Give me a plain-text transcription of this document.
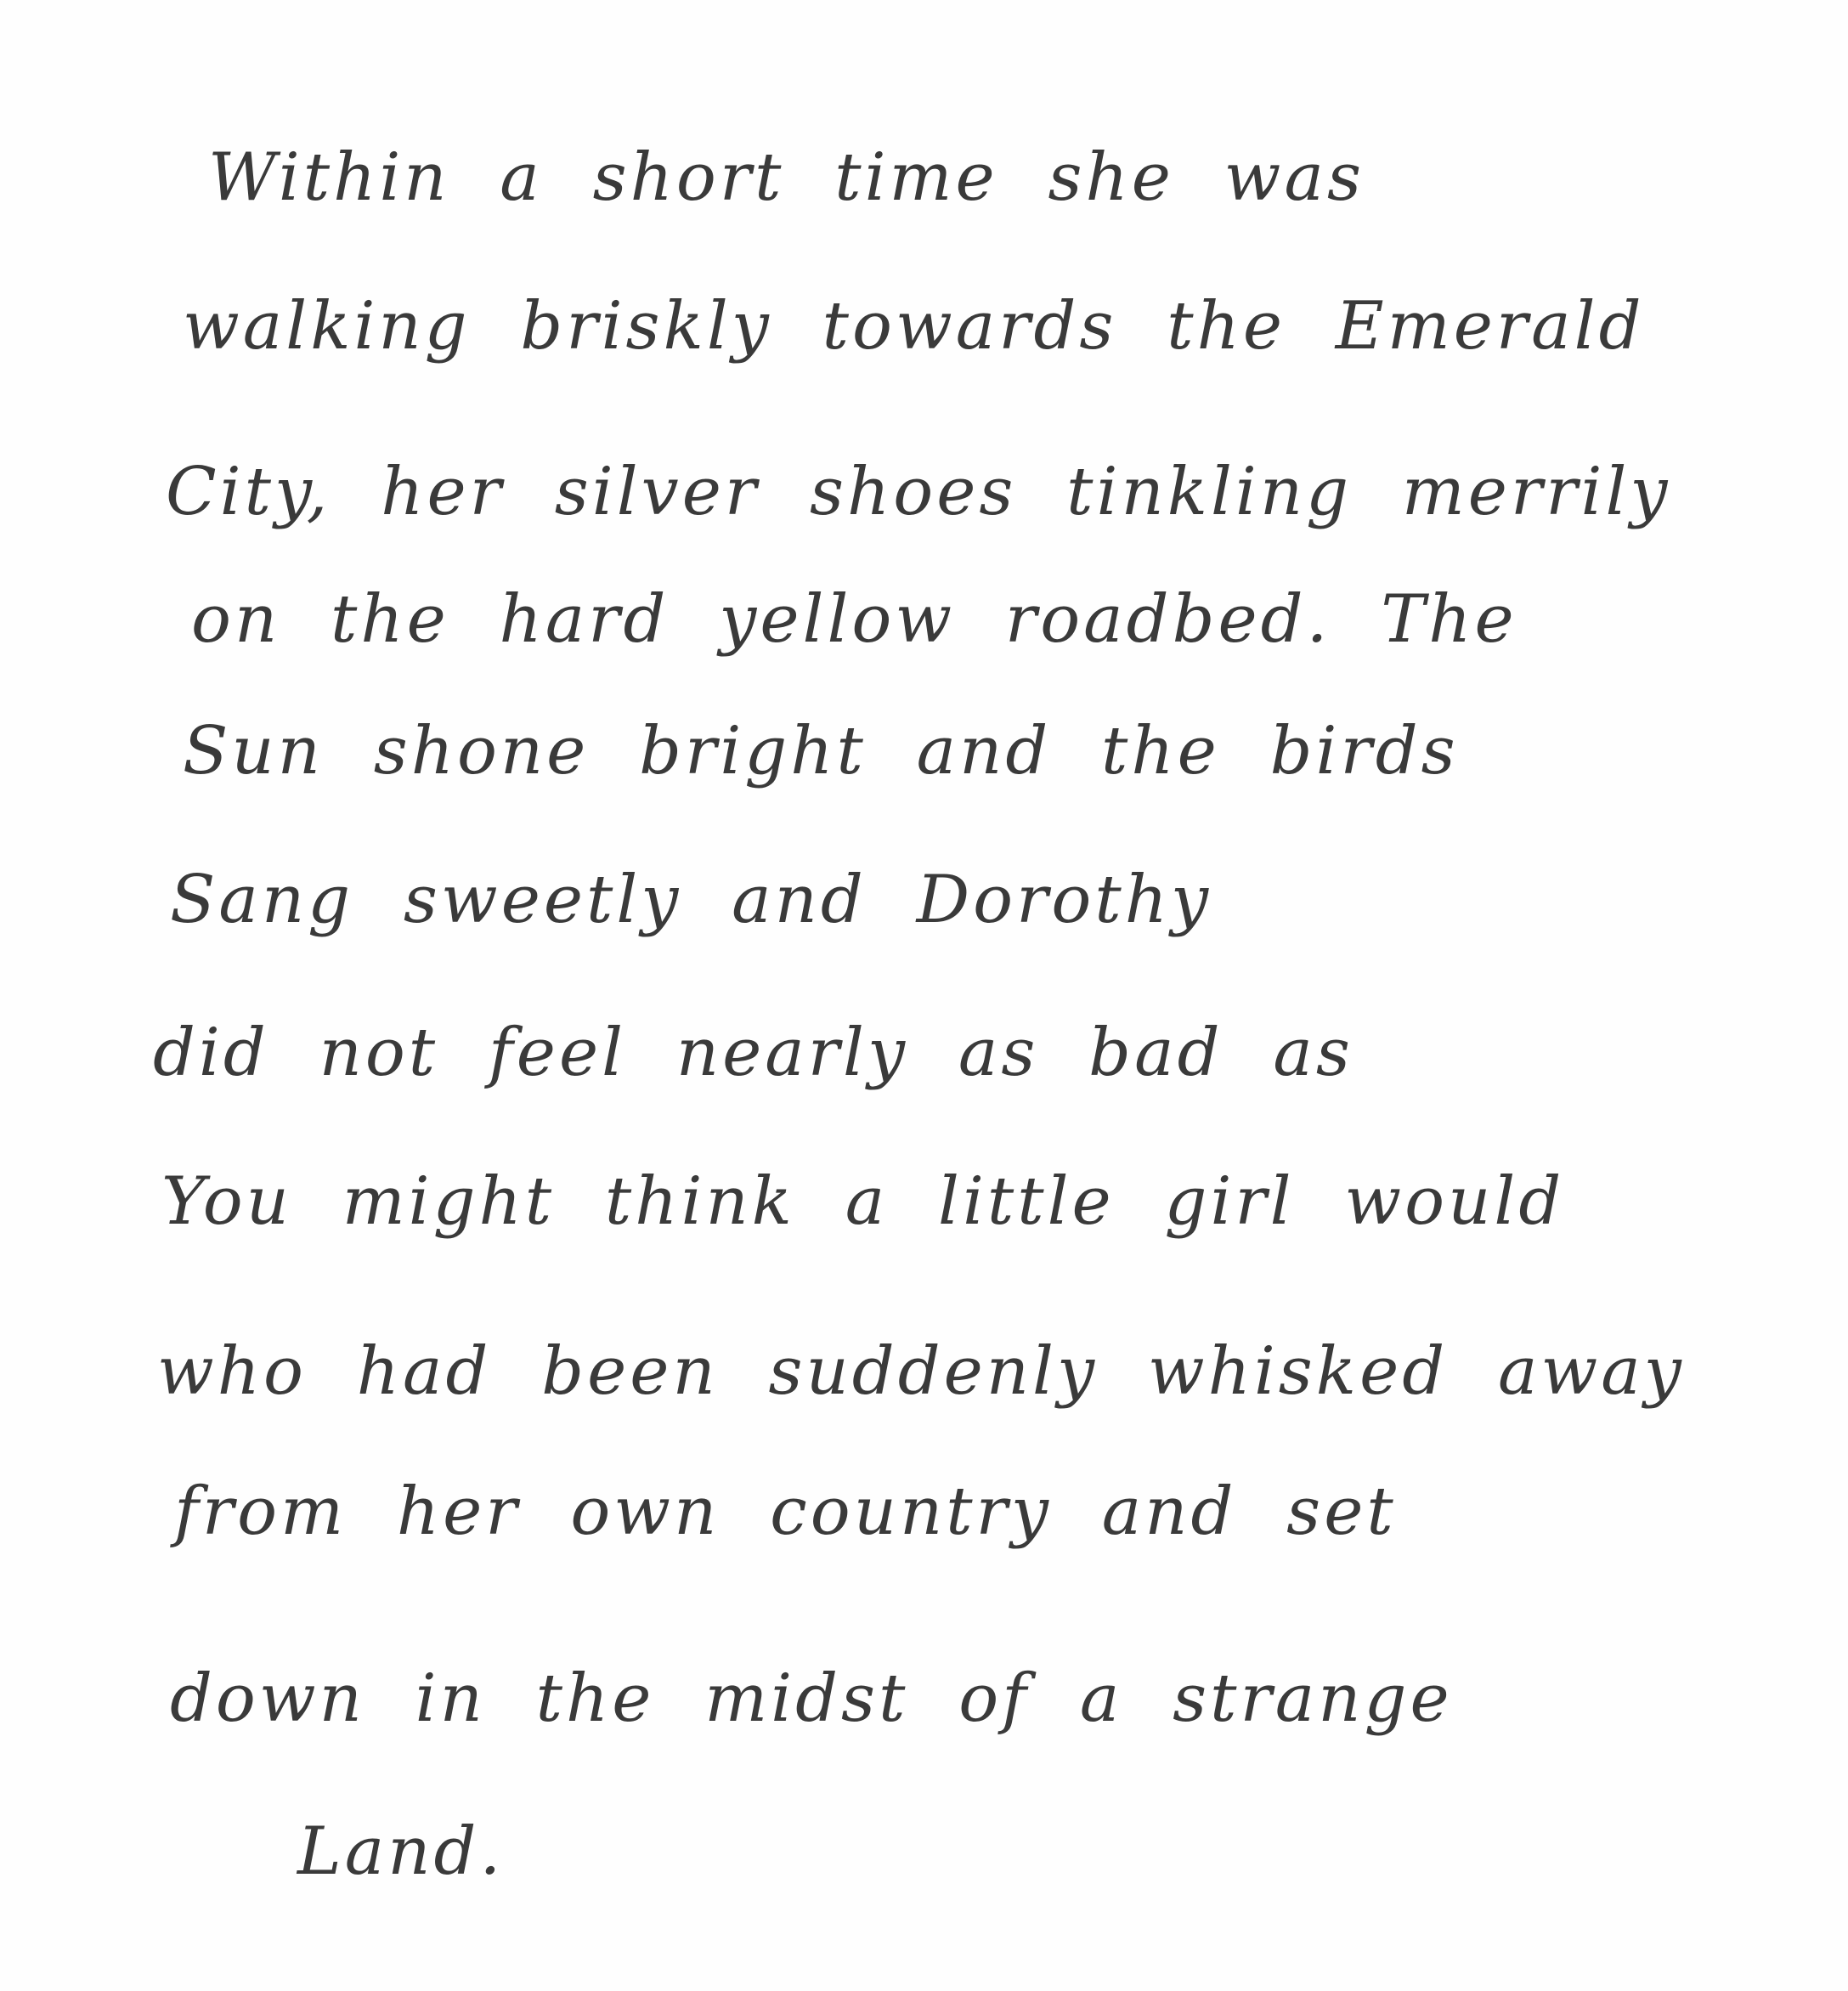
Within a short time she was

walking briskly towards the Emerald

City, her silver shoes tinkling merrily

on the hard yellow roadbed. The

Sun shone bright and the birds

Sang sweetly and Dorothy

did not feel nearly as bad as

You might think a little girl would

who had been suddenly whisked away

from her own country and set

down in the midst of a strange

Land.
